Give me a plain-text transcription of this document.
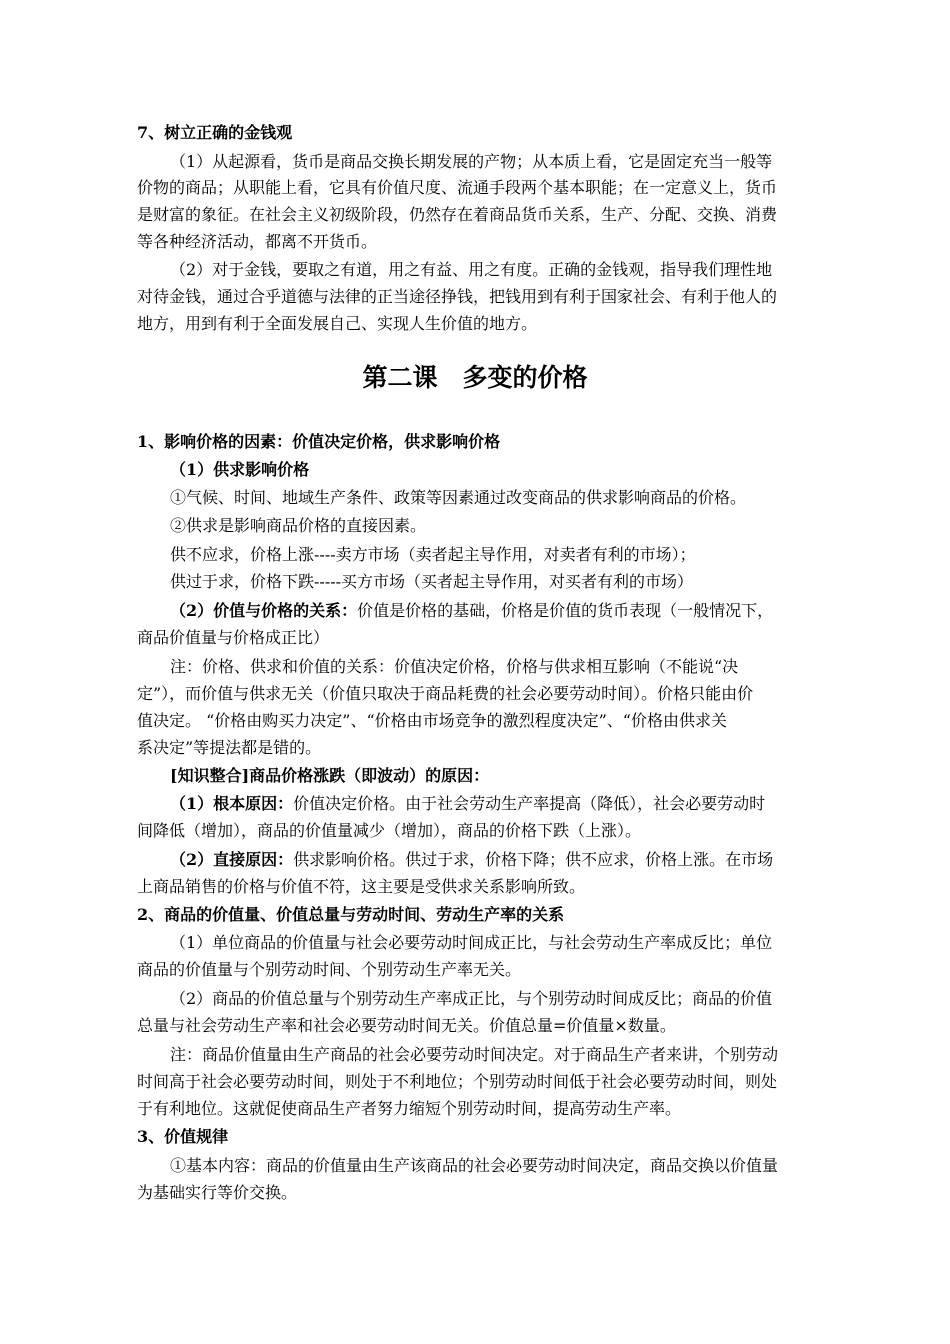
7、树立正确的金钱观
（1）从起源看，货币是商品交换长期发展的产物；从本质上看，它是固定充当一般等
价物的商品；从职能上看，它具有价值尺度、流通手段两个基本职能；在一定意义上，货币
是财富的象征。在社会主义初级阶段，仍然存在着商品货币关系，生产、分配、交换、消费
等各种经济活动，都离不开货币。
（2）对于金钱，要取之有道，用之有益、用之有度。正确的金钱观，指导我们理性地
对待金钱，通过合乎道德与法律的正当途径挣钱，把钱用到有利于国家社会、有利于他人的
地方，用到有利于全面发展自己、实现人生价值的地方。
第二课　多变的价格
1、影响价格的因素：价值决定价格，供求影响价格
（1）供求影响价格
①气候、时间、地域生产条件、政策等因素通过改变商品的供求影响商品的价格。
②供求是影响商品价格的直接因素。
供不应求，价格上涨----卖方市场（卖者起主导作用，对卖者有利的市场）；
供过于求，价格下跌-----买方市场（买者起主导作用，对买者有利的市场）
（2）价值与价格的关系：价值是价格的基础，价格是价值的货币表现（一般情况下，
商品价值量与价格成正比）
注：价格、供求和价值的关系：价值决定价格，价格与供求相互影响（不能说“决
定”），而价值与供求无关（价值只取决于商品耗费的社会必要劳动时间）。价格只能由价
值决定。 “价格由购买力决定”、“价格由市场竞争的激烈程度决定”、“价格由供求关
系决定”等提法都是错的。
[知识整合]商品价格涨跌（即波动）的原因：
（1）根本原因：价值决定价格。由于社会劳动生产率提高（降低），社会必要劳动时
间降低（增加），商品的价值量减少（增加），商品的价格下跌（上涨）。
（2）直接原因：供求影响价格。供过于求，价格下降；供不应求，价格上涨。在市场
上商品销售的价格与价值不符，这主要是受供求关系影响所致。
2、商品的价值量、价值总量与劳动时间、劳动生产率的关系
（1）单位商品的价值量与社会必要劳动时间成正比，与社会劳动生产率成反比；单位
商品的价值量与个别劳动时间、个别劳动生产率无关。
（2）商品的价值总量与个别劳动生产率成正比，与个别劳动时间成反比；商品的价值
总量与社会劳动生产率和社会必要劳动时间无关。价值总量=价值量×数量。
注：商品价值量由生产商品的社会必要劳动时间决定。对于商品生产者来讲，个别劳动
时间高于社会必要劳动时间，则处于不利地位；个别劳动时间低于社会必要劳动时间，则处
于有利地位。这就促使商品生产者努力缩短个别劳动时间，提高劳动生产率。
3、价值规律
①基本内容：商品的价值量由生产该商品的社会必要劳动时间决定，商品交换以价值量
为基础实行等价交换。
